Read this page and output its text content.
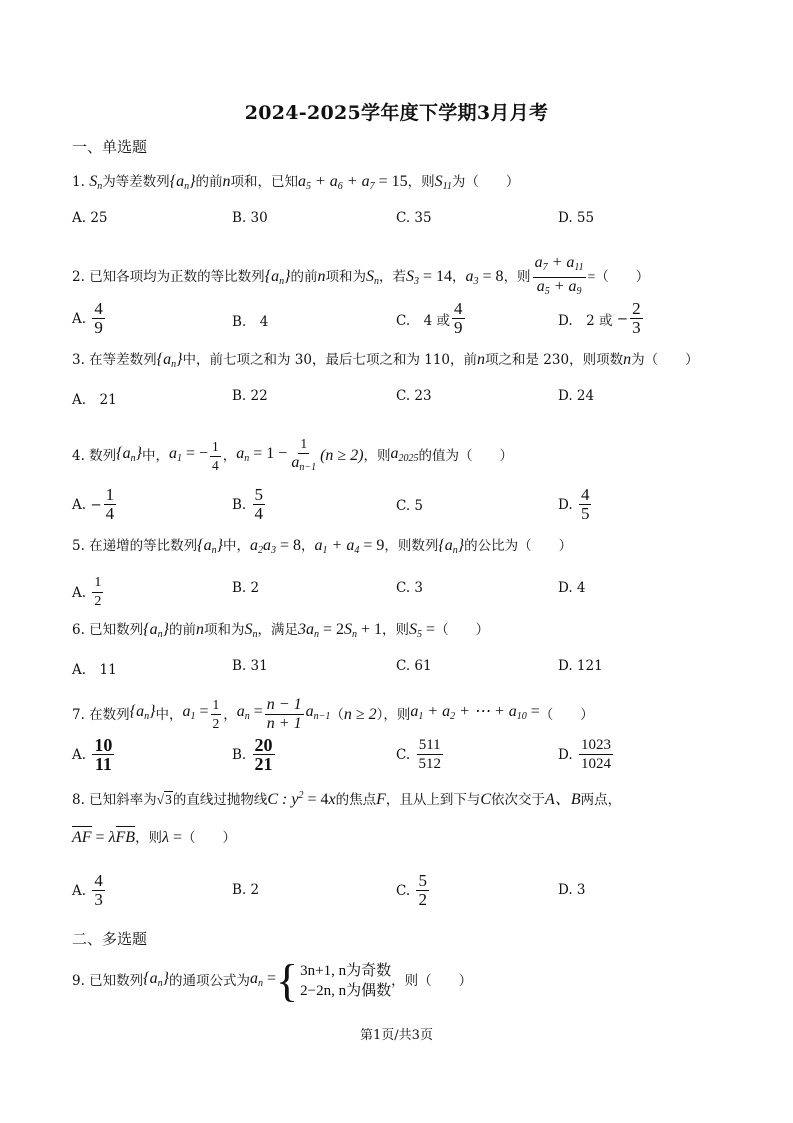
2024-2025学年度下学期3月月考
一、单选题
1. $S_n$为等差数列$\{a_n\}$的前n项和，已知$a_5 + a_6 + a_7 = 15$，则$S_{11}$为（　　）
A. 25	B. 30	C. 35	D. 55
2. 已知各项均为正数的等比数列$\{a_n\}$的前n项和为$S_n$，若$S_3 = 14$，$a_3 = 8$，则 $\frac{a_7 + a_{11}}{a_5 + a_9}$ =（　　）
A.
$\frac{4}{9}$	B.　4	C.　4 或 $\frac{4}{9}$	D.　2 或 − $\frac{2}{3}$
3. 在等差数列$\{a_n\}$中，前七项之和为 30，最后七项之和为 110，前n项之和是 230，则项数n为（　　）
A.　21	B. 22	C. 23	D. 24
4. 数列 $\{a_n\}$ 中， $a_1$ = − $\frac{1}{4}$ ， $a_n = 1 - \frac{1}{a_{n-1}} (n \ge 2)$ ，则 $a_{2025}$ 的值为（　　）
A. − $\frac{1}{4}$	B.
$\frac{5}{4}$	C. 5	D.
$\frac{4}{5}$
5. 在递增的等比数列$\{a_n\}$中，$a_2a_3 = 8$，$a_1 + a_4 = 9$，则数列$\{a_n\}$的公比为（　　）
A.
$\frac{1}{2}$	B. 2	C. 3	D. 4
6. 已知数列$\{a_n\}$的前n项和为$S_n$，满足$3a_n = 2S_n + 1$，则$S_5$ =（　　）
A.　11	B. 31	C. 61	D. 121
7. 在数列 $\{a_n\}$ 中， $a_1 = \frac{1}{2}$ ， $a_n = \frac{n - 1}{n + 1} a_{n-1}$ （ n ≥ 2 ），则 $a_1 + a_2$ + ⋯ + $a_{10}$ = （　　）
A.
$\frac{10}{11}$	B.
$\frac{20}{21}$	C.
$\frac{511}{512}$	D.
$\frac{1023}{1024}$
8. 已知斜率为√3的直线过抛物线C : $y^2 = 4x$的焦点F，且从上到下与C依次交于A、B两点，
AF = λFB，则λ =（　　）
A.
$\frac{4}{3}$	B. 2	C.
$\frac{5}{2}$	D. 3
二、多选题
9. 已知数列 $\{a_n\}$ 的通项公式为 $a_n$ = { 3n+1, n为奇数
2−2n, n为偶数
，则（　　）
第1页/共3页
